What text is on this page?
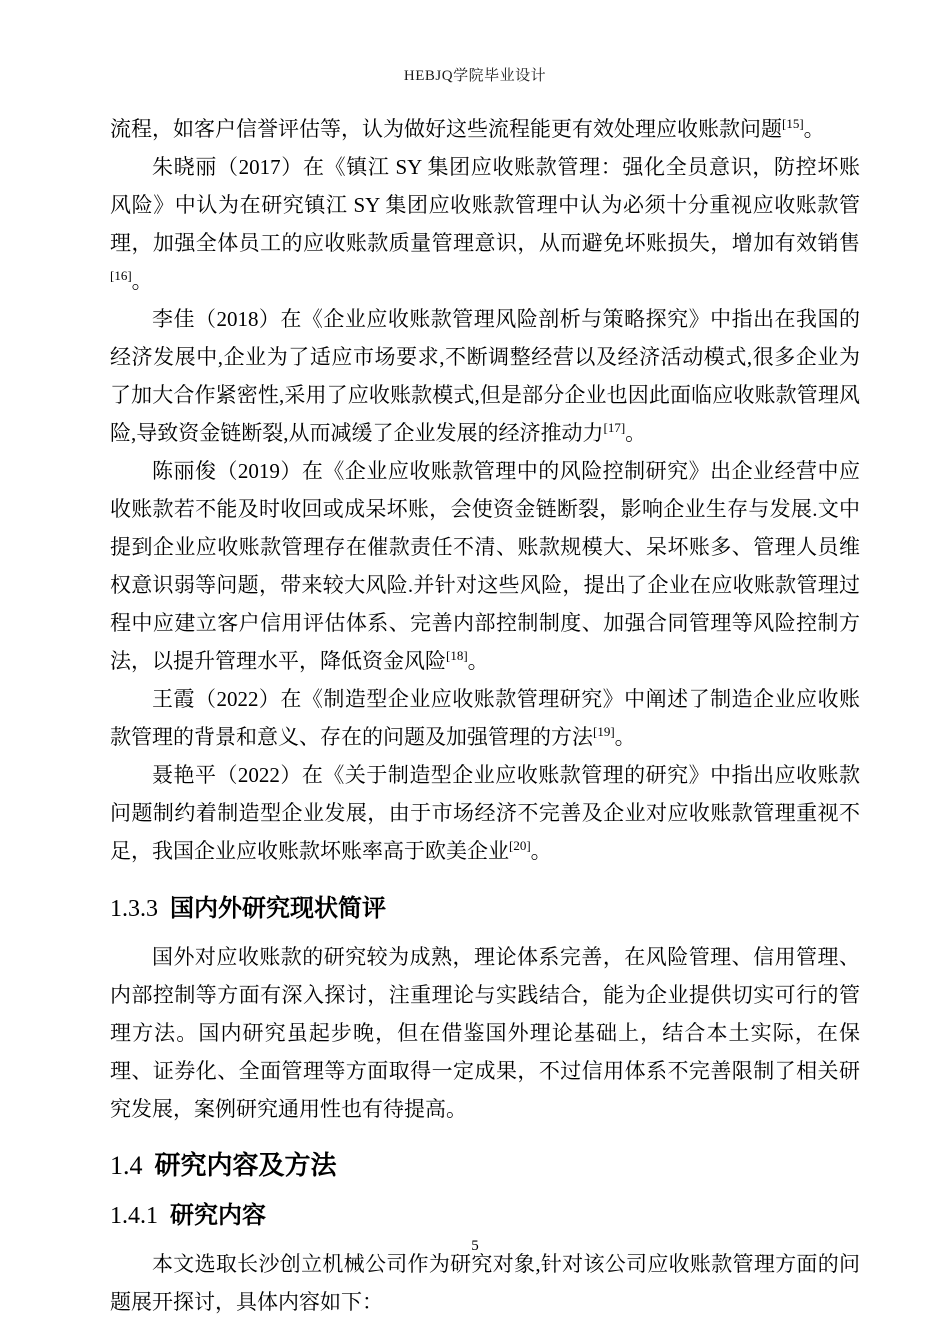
HEBJQ学院毕业设计

流程，如客户信誉评估等，认为做好这些流程能更有效处理应收账款问题[15]。

朱晓丽（2017）在《镇江 SY 集团应收账款管理：强化全员意识，防控坏账风险》中认为在研究镇江 SY 集团应收账款管理中认为必须十分重视应收账款管理，加强全体员工的应收账款质量管理意识，从而避免坏账损失，增加有效销售[16]。

李佳（2018）在《企业应收账款管理风险剖析与策略探究》中指出在我国的经济发展中,企业为了适应市场要求,不断调整经营以及经济活动模式,很多企业为了加大合作紧密性,采用了应收账款模式,但是部分企业也因此面临应收账款管理风险,导致资金链断裂,从而减缓了企业发展的经济推动力[17]。

陈丽俊（2019）在《企业应收账款管理中的风险控制研究》出企业经营中应收账款若不能及时收回或成呆坏账，会使资金链断裂，影响企业生存与发展.文中提到企业应收账款管理存在催款责任不清、账款规模大、呆坏账多、管理人员维权意识弱等问题，带来较大风险.并针对这些风险，提出了企业在应收账款管理过程中应建立客户信用评估体系、完善内部控制制度、加强合同管理等风险控制方法，以提升管理水平，降低资金风险[18]。

王霞（2022）在《制造型企业应收账款管理研究》中阐述了制造企业应收账款管理的背景和意义、存在的问题及加强管理的方法[19]。

聂艳平（2022）在《关于制造型企业应收账款管理的研究》中指出应收账款问题制约着制造型企业发展，由于市场经济不完善及企业对应收账款管理重视不足，我国企业应收账款坏账率高于欧美企业[20]。

1.3.3 国内外研究现状简评

国外对应收账款的研究较为成熟，理论体系完善，在风险管理、信用管理、内部控制等方面有深入探讨，注重理论与实践结合，能为企业提供切实可行的管理方法。国内研究虽起步晚，但在借鉴国外理论基础上，结合本土实际，在保理、证券化、全面管理等方面取得一定成果，不过信用体系不完善限制了相关研究发展，案例研究通用性也有待提高。

1.4 研究内容及方法
1.4.1 研究内容

本文选取长沙创立机械公司作为研究对象,针对该公司应收账款管理方面的问题展开探讨，具体内容如下：

5
